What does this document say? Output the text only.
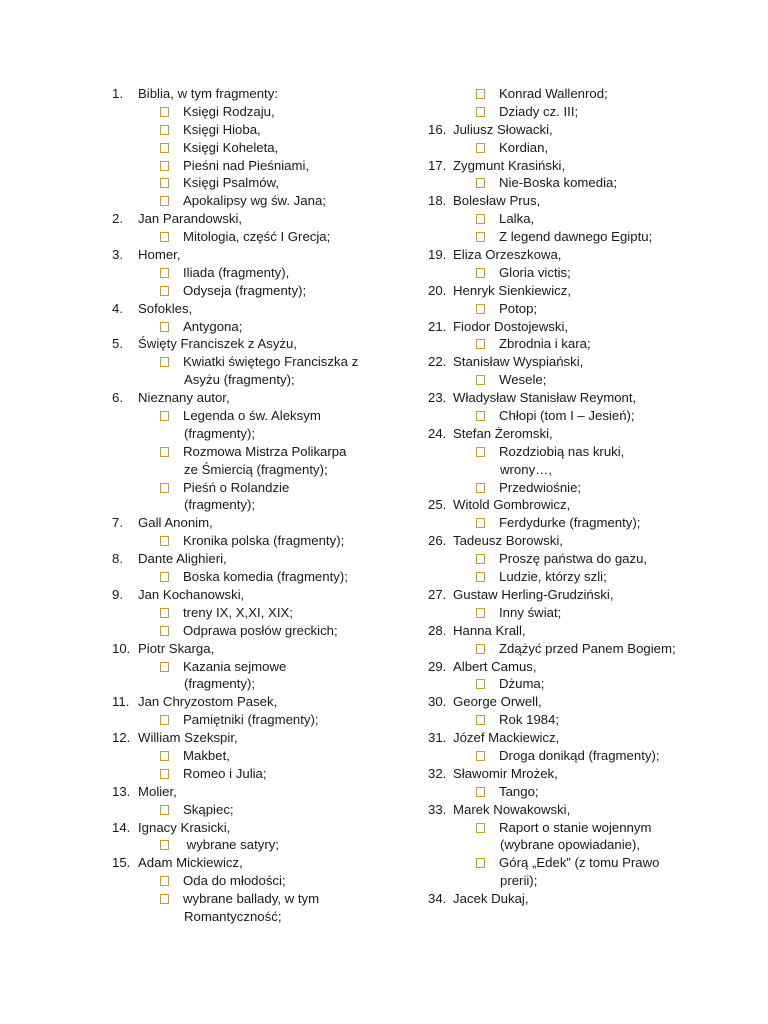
1. Biblia, w tym fragmenty:
Księgi Rodzaju,
Księgi Hioba,
Księgi Koheleta,
Pieśni nad Pieśniami,
Księgi Psalmów,
Apokalipsy wg św. Jana;
2. Jan Parandowski,
Mitologia, część I Grecja;
3. Homer,
Iliada (fragmenty),
Odyseja (fragmenty);
4. Sofokles,
Antygona;
5. Święty Franciszek z Asyżu,
Kwiatki świętego Franciszka z
Asyżu (fragmenty);
6. Nieznany autor,
Legenda o św. Aleksym
(fragmenty);
Rozmowa Mistrza Polikarpa
ze Śmiercią (fragmenty);
Pieśń o Rolandzie
(fragmenty);
7. Gall Anonim,
Kronika polska (fragmenty);
8. Dante Alighieri,
Boska komedia (fragmenty);
9. Jan Kochanowski,
treny IX, X,XI, XIX;
Odprawa posłów greckich;
10. Piotr Skarga,
Kazania sejmowe
(fragmenty);
11. Jan Chryzostom Pasek,
Pamiętniki (fragmenty);
12. William Szekspir,
Makbet,
Romeo i Julia;
13. Molier,
Skąpiec;
14. Ignacy Krasicki,
wybrane satyry;
15. Adam Mickiewicz,
Oda do młodości;
wybrane ballady, w tym
Romantyczność;
Konrad Wallenrod;
Dziady cz. III;
16. Juliusz Słowacki,
Kordian,
17. Zygmunt Krasiński,
Nie-Boska komedia;
18. Bolesław Prus,
Lalka,
Z legend dawnego Egiptu;
19. Eliza Orzeszkowa,
Gloria victis;
20. Henryk Sienkiewicz,
Potop;
21. Fiodor Dostojewski,
Zbrodnia i kara;
22. Stanisław Wyspiański,
Wesele;
23. Władysław Stanisław Reymont,
Chłopi (tom I – Jesień);
24. Stefan Żeromski,
Rozdziobią nas kruki,
wrony…,
Przedwiośnie;
25. Witold Gombrowicz,
Ferdydurke (fragmenty);
26. Tadeusz Borowski,
Proszę państwa do gazu,
Ludzie, którzy szli;
27. Gustaw Herling-Grudziński,
Inny świat;
28. Hanna Krall,
Zdążyć przed Panem Bogiem;
29. Albert Camus,
Dżuma;
30. George Orwell,
Rok 1984;
31. Józef Mackiewicz,
Droga donikąd (fragmenty);
32. Sławomir Mrożek,
Tango;
33. Marek Nowakowski,
Raport o stanie wojennym
(wybrane opowiadanie),
Górą „Edek” (z tomu Prawo
prerii);
34. Jacek Dukaj,
